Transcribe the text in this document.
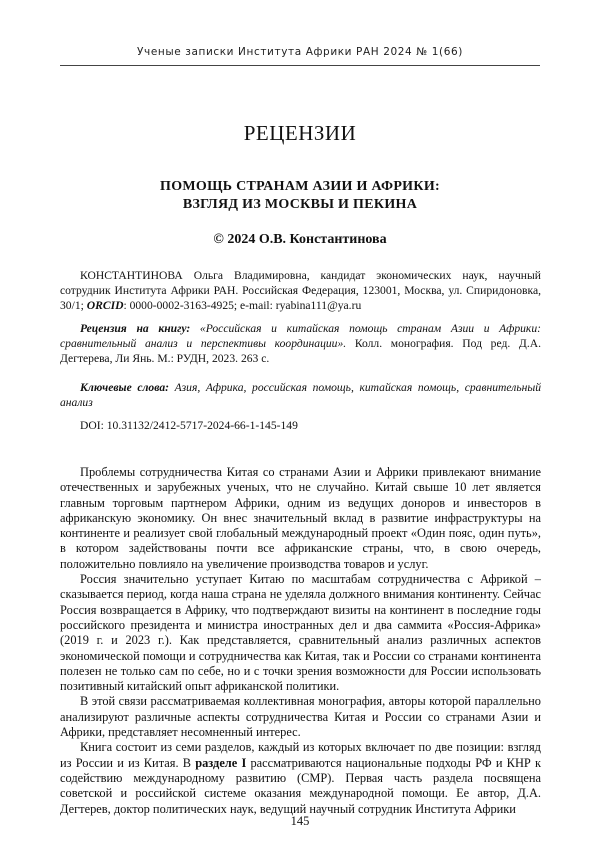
Ученые записки Института Африки РАН 2024 № 1(66)
РЕЦЕНЗИИ
ПОМОЩЬ СТРАНАМ АЗИИ И АФРИКИ:
ВЗГЛЯД ИЗ МОСКВЫ И ПЕКИНА
© 2024 О.В. Константинова
КОНСТАНТИНОВА Ольга Владимировна, кандидат экономических наук, научный сотрудник Института Африки РАН. Российская Федерация, 123001, Москва, ул. Спиридоновка, 30/1; ORCID: 0000-0002-3163-4925; e-mail: ryabina111@ya.ru
Рецензия на книгу: «Российская и китайская помощь странам Азии и Африки: сравнительный анализ и перспективы координации». Колл. монография. Под ред. Д.А. Дегтерева, Ли Янь. М.: РУДН, 2023. 263 с.
Ключевые слова: Азия, Африка, российская помощь, китайская помощь, сравнительный анализ
DOI: 10.31132/2412-5717-2024-66-1-145-149

Проблемы сотрудничества Китая со странами Азии и Африки привлекают внимание отечественных и зарубежных ученых, что не случайно. Китай свыше 10 лет является главным торговым партнером Африки, одним из ведущих доноров и инвесторов в африканскую экономику. Он внес значительный вклад в развитие инфраструктуры на континенте и реализует свой глобальный международный проект «Один пояс, один путь», в котором задействованы почти все африканские страны, что, в свою очередь, положительно повлияло на увеличение производства товаров и услуг.

Россия значительно уступает Китаю по масштабам сотрудничества с Африкой – сказывается период, когда наша страна не уделяла должного внимания континенту. Сейчас Россия возвращается в Африку, что подтверждают визиты на континент в последние годы российского президента и министра иностранных дел и два саммита «Россия-Африка» (2019 г. и 2023 г.). Как представляется, сравнительный анализ различных аспектов экономической помощи и сотрудничества как Китая, так и России со странами континента полезен не только сам по себе, но и с точки зрения возможности для России использовать позитивный китайский опыт африканской политики.

В этой связи рассматриваемая коллективная монография, авторы которой параллельно анализируют различные аспекты сотрудничества Китая и России со странами Азии и Африки, представляет несомненный интерес.

Книга состоит из семи разделов, каждый из которых включает по две позиции: взгляд из России и из Китая. В разделе I рассматриваются национальные подходы РФ и КНР к содействию международному развитию (СМР). Первая часть раздела посвящена советской и российской системе оказания международной помощи. Ее автор, Д.А. Дегтерев, доктор политических наук, ведущий научный сотрудник Института Африки

145
